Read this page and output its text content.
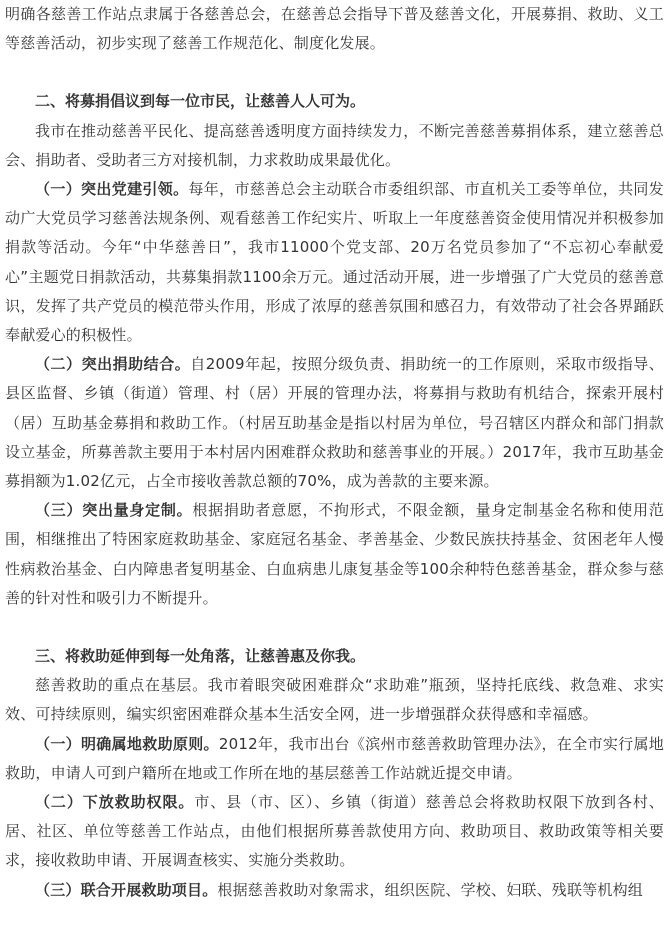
明确各慈善工作站点隶属于各慈善总会，在慈善总会指导下普及慈善文化，开展募捐、救助、义工等慈善活动，初步实现了慈善工作规范化、制度化发展。

二、将募捐倡议到每一位市民，让慈善人人可为。

我市在推动慈善平民化、提高慈善透明度方面持续发力，不断完善慈善募捐体系，建立慈善总会、捐助者、受助者三方对接机制，力求救助成果最优化。

（一）突出党建引领。每年，市慈善总会主动联合市委组织部、市直机关工委等单位，共同发动广大党员学习慈善法规条例、观看慈善工作纪实片、听取上一年度慈善资金使用情况并积极参加捐款等活动。今年“中华慈善日”，我市11000个党支部、20万名党员参加了“不忘初心奉献爱心”主题党日捐款活动，共募集捐款1100余万元。通过活动开展，进一步增强了广大党员的慈善意识，发挥了共产党员的模范带头作用，形成了浓厚的慈善氛围和感召力，有效带动了社会各界踊跃奉献爱心的积极性。

（二）突出捐助结合。自2009年起，按照分级负责、捐助统一的工作原则，采取市级指导、县区监督、乡镇（街道）管理、村（居）开展的管理办法，将募捐与救助有机结合，探索开展村（居）互助基金募捐和救助工作。（村居互助基金是指以村居为单位，号召辖区内群众和部门捐款设立基金，所募善款主要用于本村居内困难群众救助和慈善事业的开展。）2017年，我市互助基金募捐额为1.02亿元，占全市接收善款总额的70%，成为善款的主要来源。

（三）突出量身定制。根据捐助者意愿，不拘形式，不限金额，量身定制基金名称和使用范围，相继推出了特困家庭救助基金、家庭冠名基金、孝善基金、少数民族扶持基金、贫困老年人慢性病救治基金、白内障患者复明基金、白血病患儿康复基金等100余种特色慈善基金，群众参与慈善的针对性和吸引力不断提升。

三、将救助延伸到每一处角落，让慈善惠及你我。

慈善救助的重点在基层。我市着眼突破困难群众“求助难”瓶颈，坚持托底线、救急难、求实效、可持续原则，编实织密困难群众基本生活安全网，进一步增强群众获得感和幸福感。

（一）明确属地救助原则。2012年，我市出台《滨州市慈善救助管理办法》，在全市实行属地救助，申请人可到户籍所在地或工作所在地的基层慈善工作站就近提交申请。

（二）下放救助权限。市、县（市、区）、乡镇（街道）慈善总会将救助权限下放到各村、居、社区、单位等慈善工作站点，由他们根据所募善款使用方向、救助项目、救助政策等相关要求，接收救助申请、开展调查核实、实施分类救助。

（三）联合开展救助项目。根据慈善救助对象需求，组织医院、学校、妇联、残联等机构组
